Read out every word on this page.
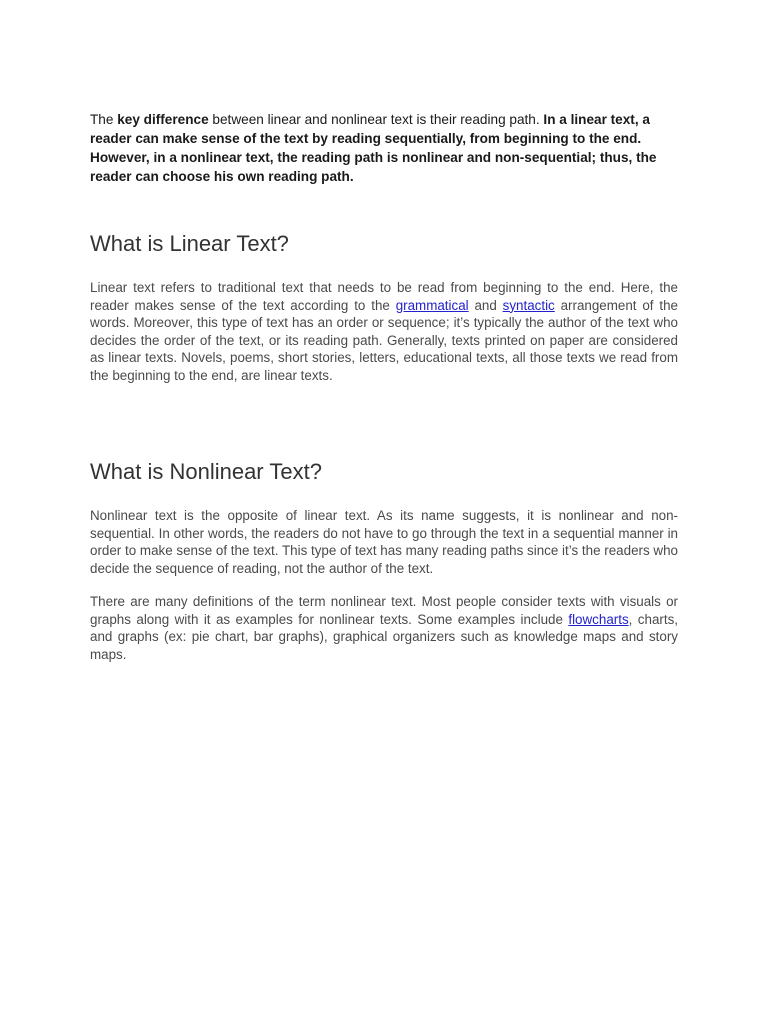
The key difference between linear and nonlinear text is their reading path. In a linear text, a reader can make sense of the text by reading sequentially, from beginning to the end. However, in a nonlinear text, the reading path is nonlinear and non-sequential; thus, the reader can choose his own reading path.

What is Linear Text?

Linear text refers to traditional text that needs to be read from beginning to the end. Here, the reader makes sense of the text according to the grammatical and syntactic arrangement of the words. Moreover, this type of text has an order or sequence; it’s typically the author of the text who decides the order of the text, or its reading path. Generally, texts printed on paper are considered as linear texts. Novels, poems, short stories, letters, educational texts, all those texts we read from the beginning to the end, are linear texts.

What is Nonlinear Text?

Nonlinear text is the opposite of linear text. As its name suggests, it is nonlinear and non-sequential. In other words, the readers do not have to go through the text in a sequential manner in order to make sense of the text. This type of text has many reading paths since it’s the readers who decide the sequence of reading, not the author of the text.

There are many definitions of the term nonlinear text. Most people consider texts with visuals or graphs along with it as examples for nonlinear texts. Some examples include flowcharts, charts, and graphs (ex: pie chart, bar graphs), graphical organizers such as knowledge maps and story maps.
